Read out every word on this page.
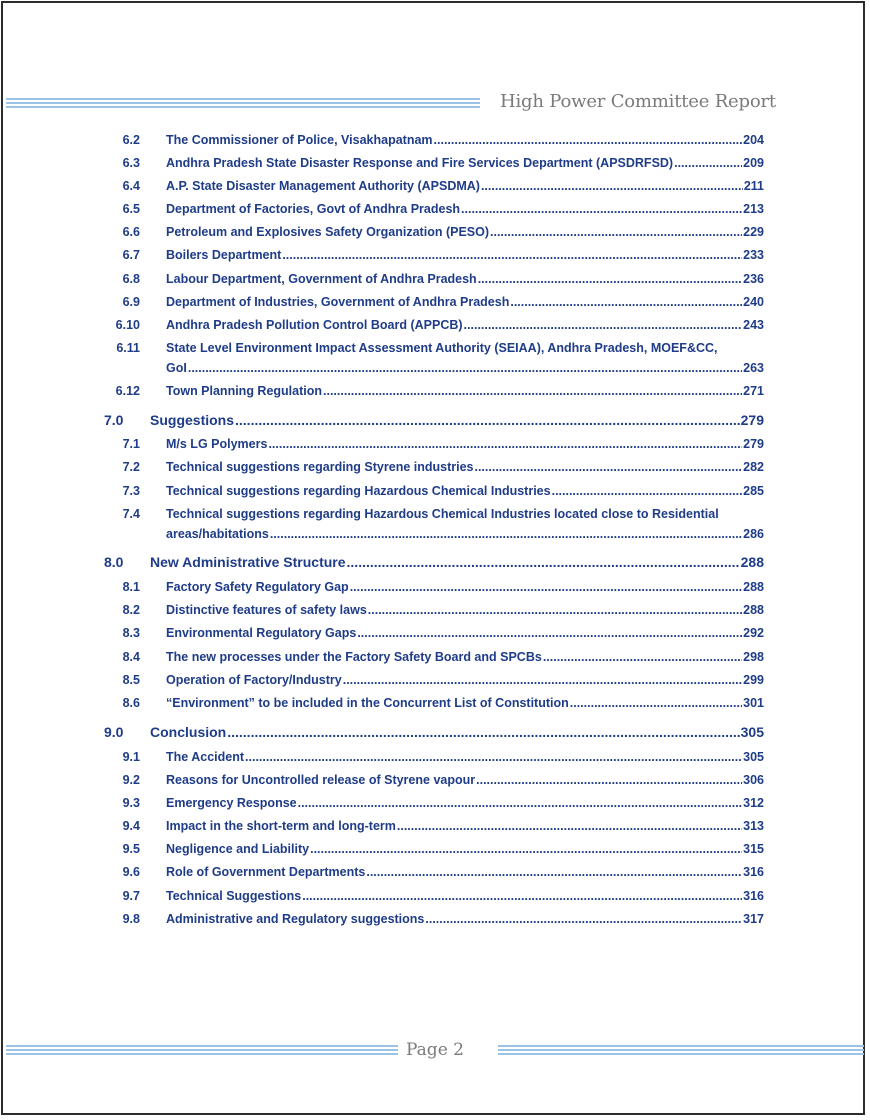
High Power Committee Report
6.2 The Commissioner of Police, Visakhapatnam .....	204
6.3 Andhra Pradesh State Disaster Response and Fire Services Department (APSDRFSD) .....	209
6.4 A.P. State Disaster Management Authority (APSDMA) .....	211
6.5 Department of Factories, Govt of Andhra Pradesh .....	213
6.6 Petroleum and Explosives Safety Organization (PESO) .....	229
6.7 Boilers Department .....	233
6.8 Labour Department, Government of Andhra Pradesh .....	236
6.9 Department of Industries, Government of Andhra Pradesh .....	240
6.10 Andhra Pradesh Pollution Control Board (APPCB) .....	243
6.11 State Level Environment Impact Assessment Authority (SEIAA), Andhra Pradesh, MOEF&CC,
GoI .....	263
6.12 Town Planning Regulation .....	271
7.0 Suggestions .....	279
7.1 M/s LG Polymers .....	279
7.2 Technical suggestions regarding Styrene industries .....	282
7.3 Technical suggestions regarding Hazardous Chemical Industries .....	285
7.4 Technical suggestions regarding Hazardous Chemical Industries located close to Residential
areas/habitations .....	286
8.0 New Administrative Structure .....	288
8.1 Factory Safety Regulatory Gap .....	288
8.2 Distinctive features of safety laws .....	288
8.3 Environmental Regulatory Gaps .....	292
8.4 The new processes under the Factory Safety Board and SPCBs .....	298
8.5 Operation of Factory/Industry .....	299
8.6 “Environment” to be included in the Concurrent List of Constitution .....	301
9.0 Conclusion .....	305
9.1 The Accident .....	305
9.2 Reasons for Uncontrolled release of Styrene vapour .....	306
9.3 Emergency Response .....	312
9.4 Impact in the short-term and long-term .....	313
9.5 Negligence and Liability .....	315
9.6 Role of Government Departments .....	316
9.7 Technical Suggestions .....	316
9.8 Administrative and Regulatory suggestions .....	317
Page 2
